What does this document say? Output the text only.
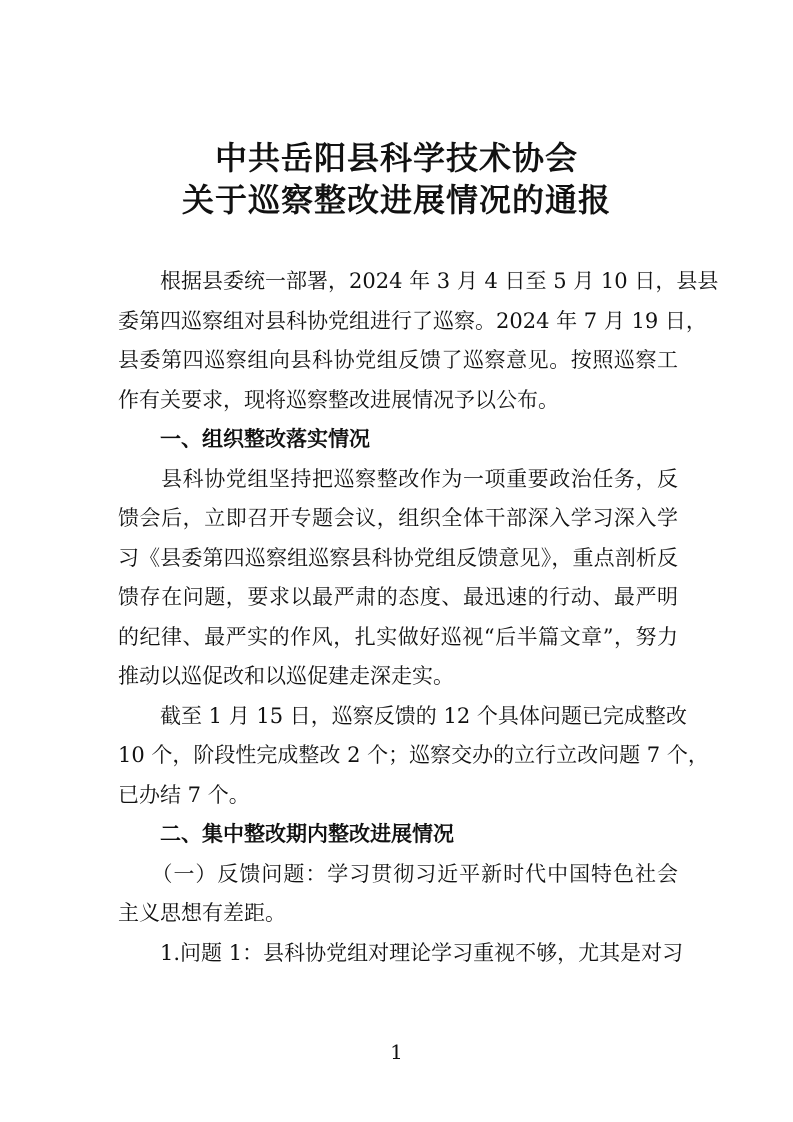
中共岳阳县科学技术协会
关于巡察整改进展情况的通报
　　根据县委统一部署，2024 年 3 月 4 日至 5 月 10 日，县县
委第四巡察组对县科协党组进行了巡察。2024 年 7 月 19 日，
县委第四巡察组向县科协党组反馈了巡察意见。按照巡察工
作有关要求，现将巡察整改进展情况予以公布。
　　一、组织整改落实情况
　　县科协党组坚持把巡察整改作为一项重要政治任务，反
馈会后，立即召开专题会议，组织全体干部深入学习深入学
习《县委第四巡察组巡察县科协党组反馈意见》，重点剖析反
馈存在问题，要求以最严肃的态度、最迅速的行动、最严明
的纪律、最严实的作风，扎实做好巡视“后半篇文章”，努力
推动以巡促改和以巡促建走深走实。
　　截至 1 月 15 日，巡察反馈的 12 个具体问题已完成整改
10 个，阶段性完成整改 2 个；巡察交办的立行立改问题 7 个，
已办结 7 个。
　　二、集中整改期内整改进展情况
　　（一）反馈问题：学习贯彻习近平新时代中国特色社会
主义思想有差距。
　　1.问题 1：县科协党组对理论学习重视不够，尤其是对习
1
